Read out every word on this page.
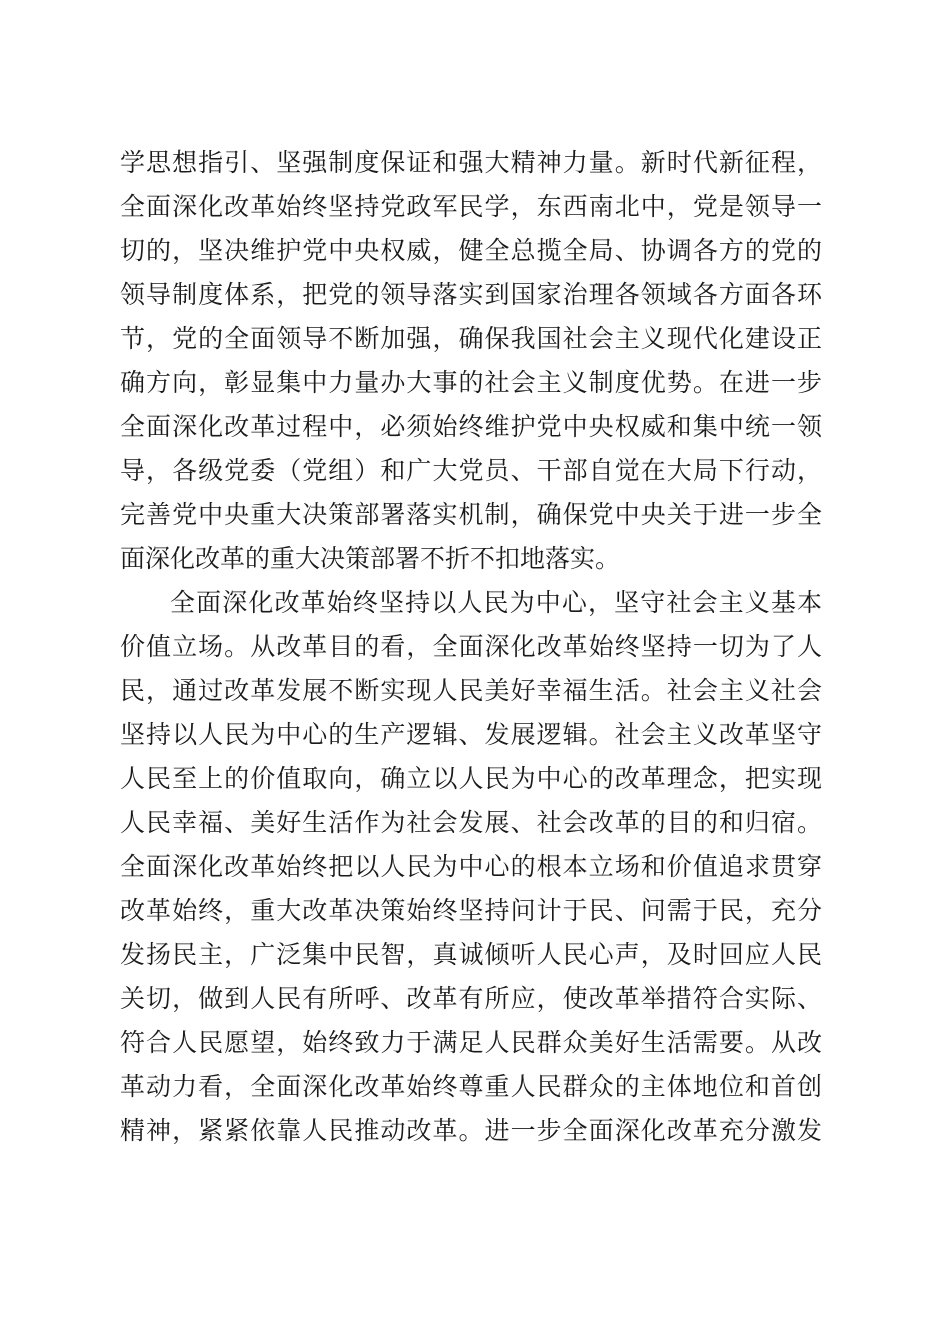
学思想指引、坚强制度保证和强大精神力量。新时代新征程，
全面深化改革始终坚持党政军民学，东西南北中，党是领导一
切的，坚决维护党中央权威，健全总揽全局、协调各方的党的
领导制度体系，把党的领导落实到国家治理各领域各方面各环
节，党的全面领导不断加强，确保我国社会主义现代化建设正
确方向，彰显集中力量办大事的社会主义制度优势。在进一步
全面深化改革过程中，必须始终维护党中央权威和集中统一领
导，各级党委（党组）和广大党员、干部自觉在大局下行动，
完善党中央重大决策部署落实机制，确保党中央关于进一步全
面深化改革的重大决策部署不折不扣地落实。
全面深化改革始终坚持以人民为中心，坚守社会主义基本
价值立场。从改革目的看，全面深化改革始终坚持一切为了人
民，通过改革发展不断实现人民美好幸福生活。社会主义社会
坚持以人民为中心的生产逻辑、发展逻辑。社会主义改革坚守
人民至上的价值取向，确立以人民为中心的改革理念，把实现
人民幸福、美好生活作为社会发展、社会改革的目的和归宿。
全面深化改革始终把以人民为中心的根本立场和价值追求贯穿
改革始终，重大改革决策始终坚持问计于民、问需于民，充分
发扬民主，广泛集中民智，真诚倾听人民心声，及时回应人民
关切，做到人民有所呼、改革有所应，使改革举措符合实际、
符合人民愿望，始终致力于满足人民群众美好生活需要。从改
革动力看，全面深化改革始终尊重人民群众的主体地位和首创
精神，紧紧依靠人民推动改革。进一步全面深化改革充分激发
